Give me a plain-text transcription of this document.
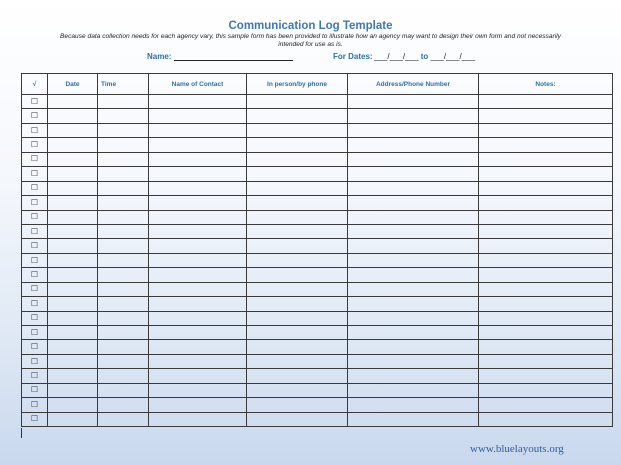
Communication Log Template
Because data collection needs for each agency vary, this sample form has been provided to illustrate how an agency may want to design their own form and not necessarily
intended for use as is.
Name:	For Dates: ___/___/___ to ___/___/___
√	Date	Time	Name of Contact	In person/by phone	Address/Phone Number	Notes:
☐						
☐						
☐						
☐						
☐						
☐						
☐						
☐						
☐						
☐						
☐						
☐						
☐						
☐						
☐						
☐						
☐						
☐						
☐						
☐						
☐						
☐						
☐						
www.bluelayouts.org
